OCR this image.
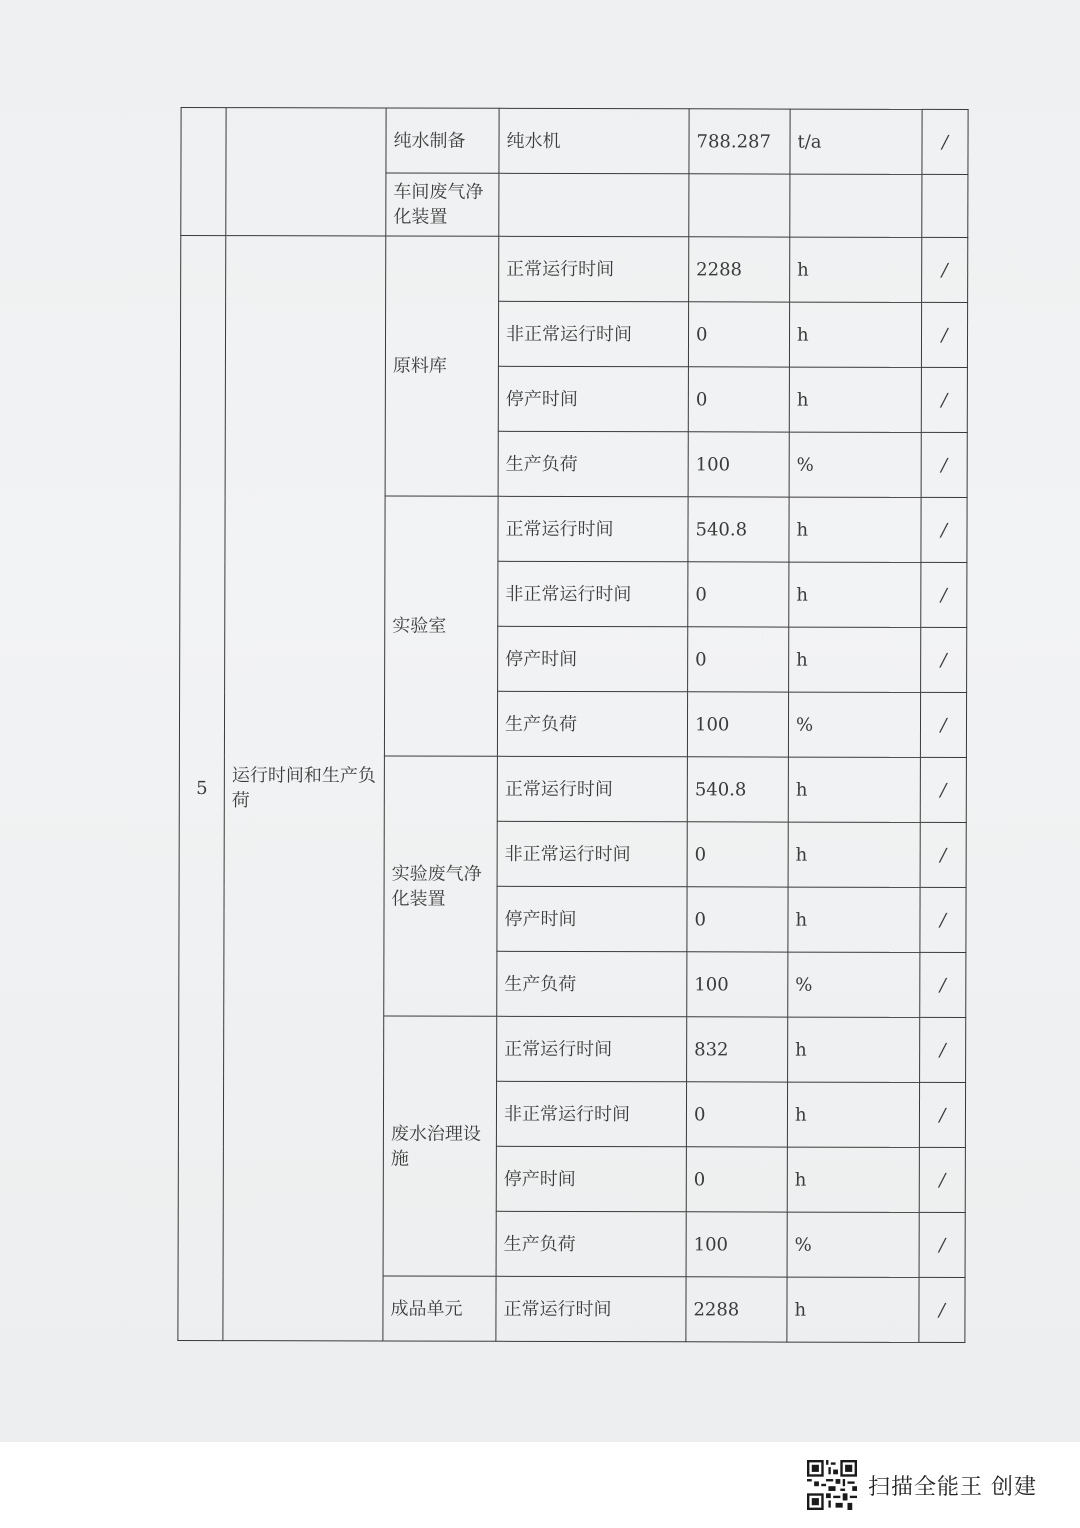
		纯水制备	纯水机	788.287	t/a	/
		车间废气净化装置				
5	运行时间和生产负荷	原料库	正常运行时间	2288	h	/
			非正常运行时间	0	h	/
			停产时间	0	h	/
			生产负荷	100	%	/
		实验室	正常运行时间	540.8	h	/
			非正常运行时间	0	h	/
			停产时间	0	h	/
			生产负荷	100	%	/
		实验废气净化装置	正常运行时间	540.8	h	/
			非正常运行时间	0	h	/
			停产时间	0	h	/
			生产负荷	100	%	/
		废水治理设施	正常运行时间	832	h	/
			非正常运行时间	0	h	/
			停产时间	0	h	/
			生产负荷	100	%	/
		成品单元	正常运行时间	2288	h	/
扫描全能王 创建
